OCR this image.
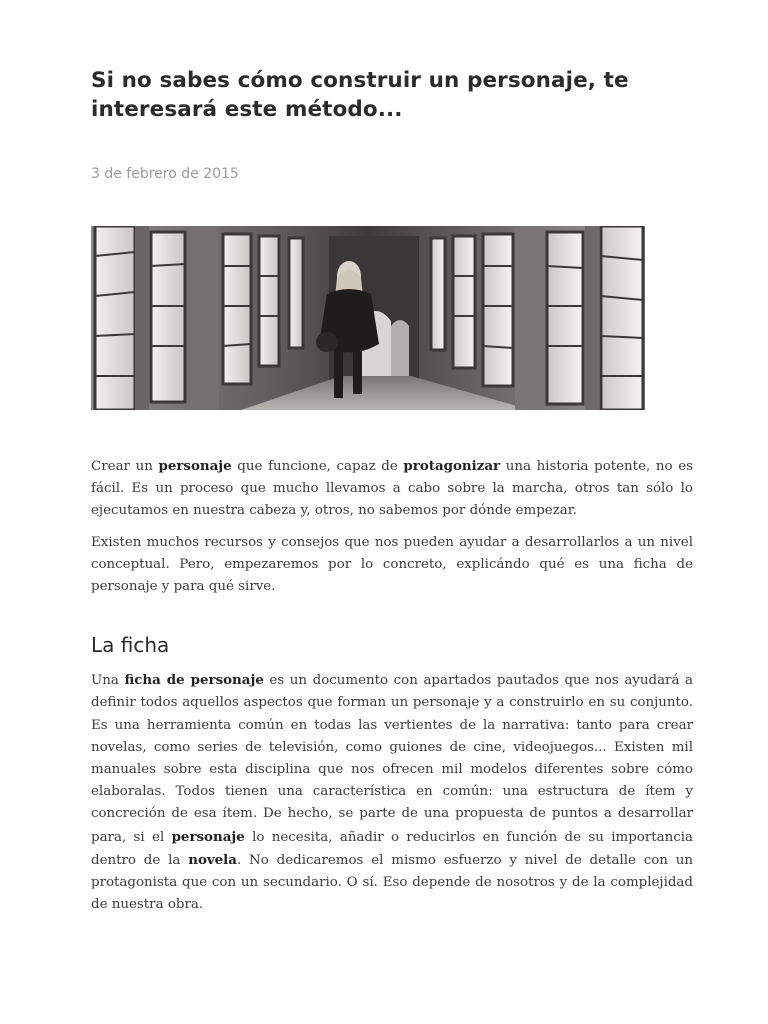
Si no sabes cómo construir un personaje, te interesará este método...
3 de febrero de 2015

Crear un personaje que funcione, capaz de protagonizar una historia potente, no es fácil. Es un proceso que mucho llevamos a cabo sobre la marcha, otros tan sólo lo ejecutamos en nuestra cabeza y, otros, no sabemos por dónde empezar.

Existen muchos recursos y consejos que nos pueden ayudar a desarrollarlos a un nivel conceptual. Pero, empezaremos por lo concreto, explicándo qué es una ficha de personaje y para qué sirve.

La ficha

Una ficha de personaje es un documento con apartados pautados que nos ayudará a definir todos aquellos aspectos que forman un personaje y a construirlo en su conjunto. Es una herramienta común en todas las vertientes de la narrativa: tanto para crear novelas, como series de televisión, como guiones de cine, videojuegos... Existen mil manuales sobre esta disciplina que nos ofrecen mil modelos diferentes sobre cómo elaboralas. Todos tienen una característica en común: una estructura de ítem y concreción de esa ítem. De hecho, se parte de una propuesta de puntos a desarrollar para, si el personaje lo necesita, añadir o reducirlos en función de su importancia dentro de la novela. No dedicaremos el mismo esfuerzo y nivel de detalle con un protagonista que con un secundario. O sí. Eso depende de nosotros y de la complejidad de nuestra obra.
